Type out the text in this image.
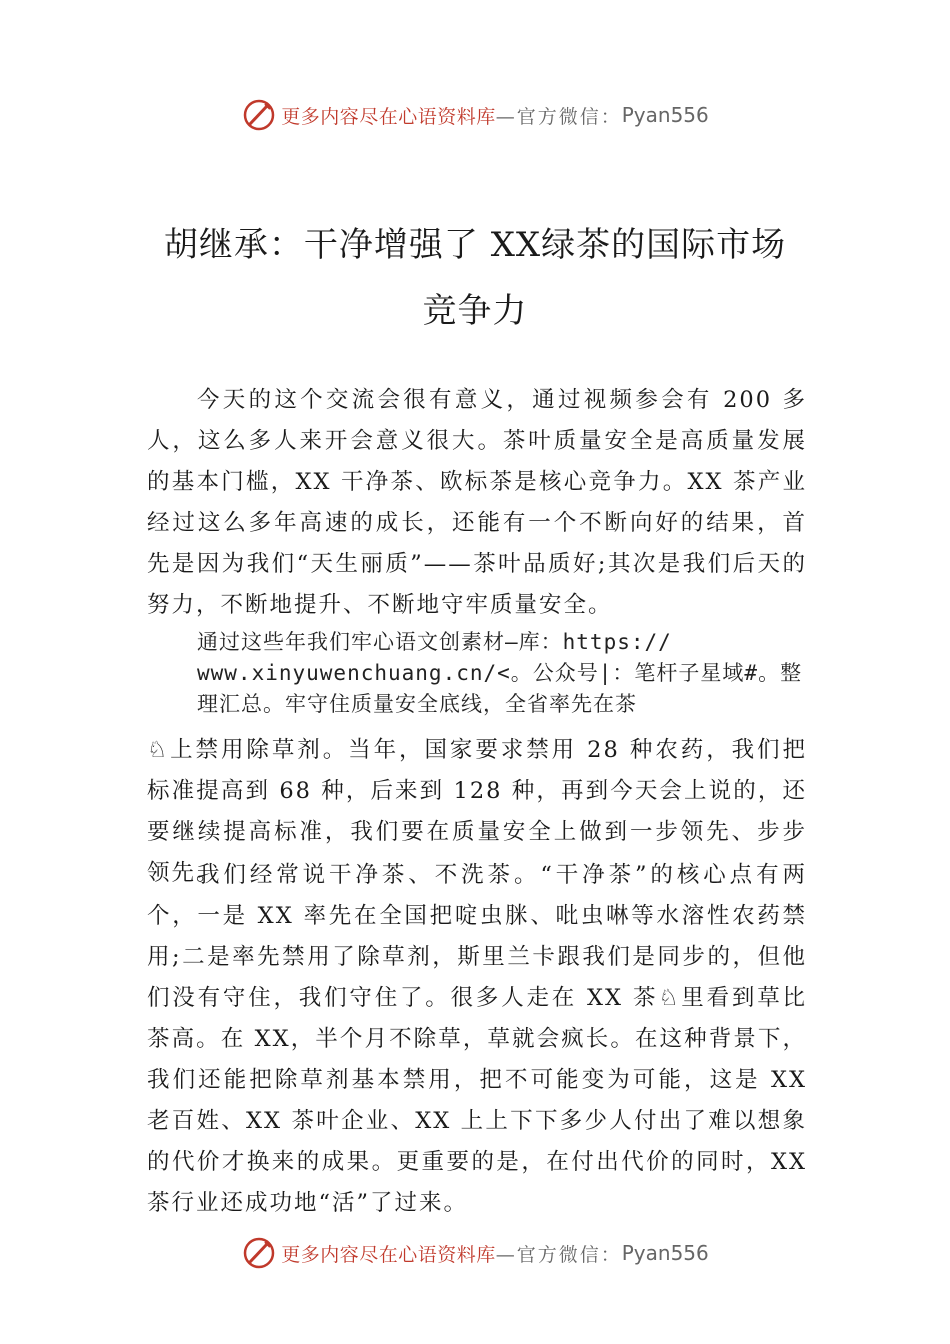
更多内容尽在心语资料库 —官方微信： Pyan556
胡继承：干净增强了 XX绿茶的国际市场
竞争力

今天的这个交流会很有意义，通过视频参会有 200 多人，这么多人来开会意义很大。茶叶质量安全是高质量发展的基本门槛，XX 干净茶、欧标茶是核心竞争力。XX 茶产业经过这么多年高速的成长，还能有一个不断向好的结果，首先是因为我们“天生丽质”——茶叶品质好;其次是我们后天的努力，不断地提升、不断地守牢质量安全。

通过这些年我们牢心语文创素材—库：https://
www.xinyuwenchuang.cn/<。公众号|：笔杆子星域#。整
理汇总。牢守住质量安全底线，全省率先在茶

♘上禁用除草剂。当年，国家要求禁用 28 种农药，我们把标准提高到 68 种，后来到 128 种，再到今天会上说的，还要继续提高标准，我们要在质量安全上做到一步领先、步步领先。

我们经常说干净茶、不洗茶。“干净茶”的核心点有两个，一是 XX 率先在全国把啶虫脒、吡虫啉等水溶性农药禁用;二是率先禁用了除草剂，斯里兰卡跟我们是同步的，但他们没有守住，我们守住了。很多人走在 XX 茶♘里看到草比茶高。在 XX，半个月不除草，草就会疯长。在这种背景下，我们还能把除草剂基本禁用，把不可能变为可能，这是 XX 老百姓、XX 茶叶企业、XX 上上下下多少人付出了难以想象的代价才换来的成果。更重要的是，在付出代价的同时，XX 茶行业还成功地“活”了过来。

更多内容尽在心语资料库 —官方微信： Pyan556
